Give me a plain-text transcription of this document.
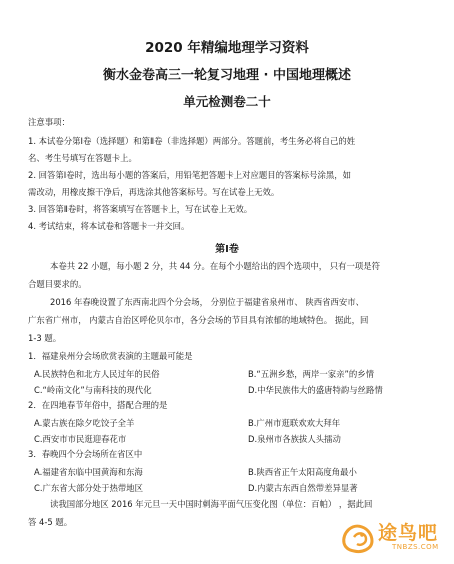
2020 年精编地理学习资料
衡水金卷高三一轮复习地理 · 中国地理概述
单元检测卷二十
注意事项：
1. 本试卷分第Ⅰ卷（选择题）和第Ⅱ卷（非选择题）两部分。答题前，考生务必将自己的姓
名、考生号填写在答题卡上。
2. 回答第Ⅰ卷时，选出每小题的答案后，用铅笔把答题卡上对应题目的答案标号涂黑，如
需改动，用橡皮擦干净后，再选涂其他答案标号。写在试卷上无效。
3. 回答第Ⅱ卷时，将答案填写在答题卡上，写在试卷上无效。
4. 考试结束，将本试卷和答题卡一并交回。
第Ⅰ卷
本卷共 22 小题，每小题 2 分，共 44 分。在每个小题给出的四个选项中， 只有一项是符
合题目要求的。
2016 年春晚设置了东西南北四个分会场， 分别位于福建省泉州市、 陕西省西安市、
广东省广州市， 内蒙古自治区呼伦贝尔市，各分会场的节目具有浓郁的地域特色。 据此，回
1-3 题。
1．福建泉州分会场欣赏表演的主题最可能是
A.民族特色和北方人民过年的民俗	B.“五洲乡愁，两岸一家亲”的乡情
C.“岭南文化”与南科技的现代化	D.中华民族伟大的盛唐特韵与丝路情
2．在四地春节年俗中，搭配合理的是
A.蒙古族在除夕吃饺子全羊	B.广州市逛联欢欢大拜年
C.西安市市民逛迎春花市	D.泉州市各族拔人头擂动
3．春晚四个分会场所在省区中
A.福建省东临中国黄海和东海	B.陕西省正午太阳高度角最小
C.广东省大部分处于热带地区	D.内蒙古东西自然带差异显著
读我国部分地区 2016 年元旦一天中国时刺海平面气压变化图（单位：百帕） ，据此回
答 4-5 题。	途鸟吧
TNBZS.COM
